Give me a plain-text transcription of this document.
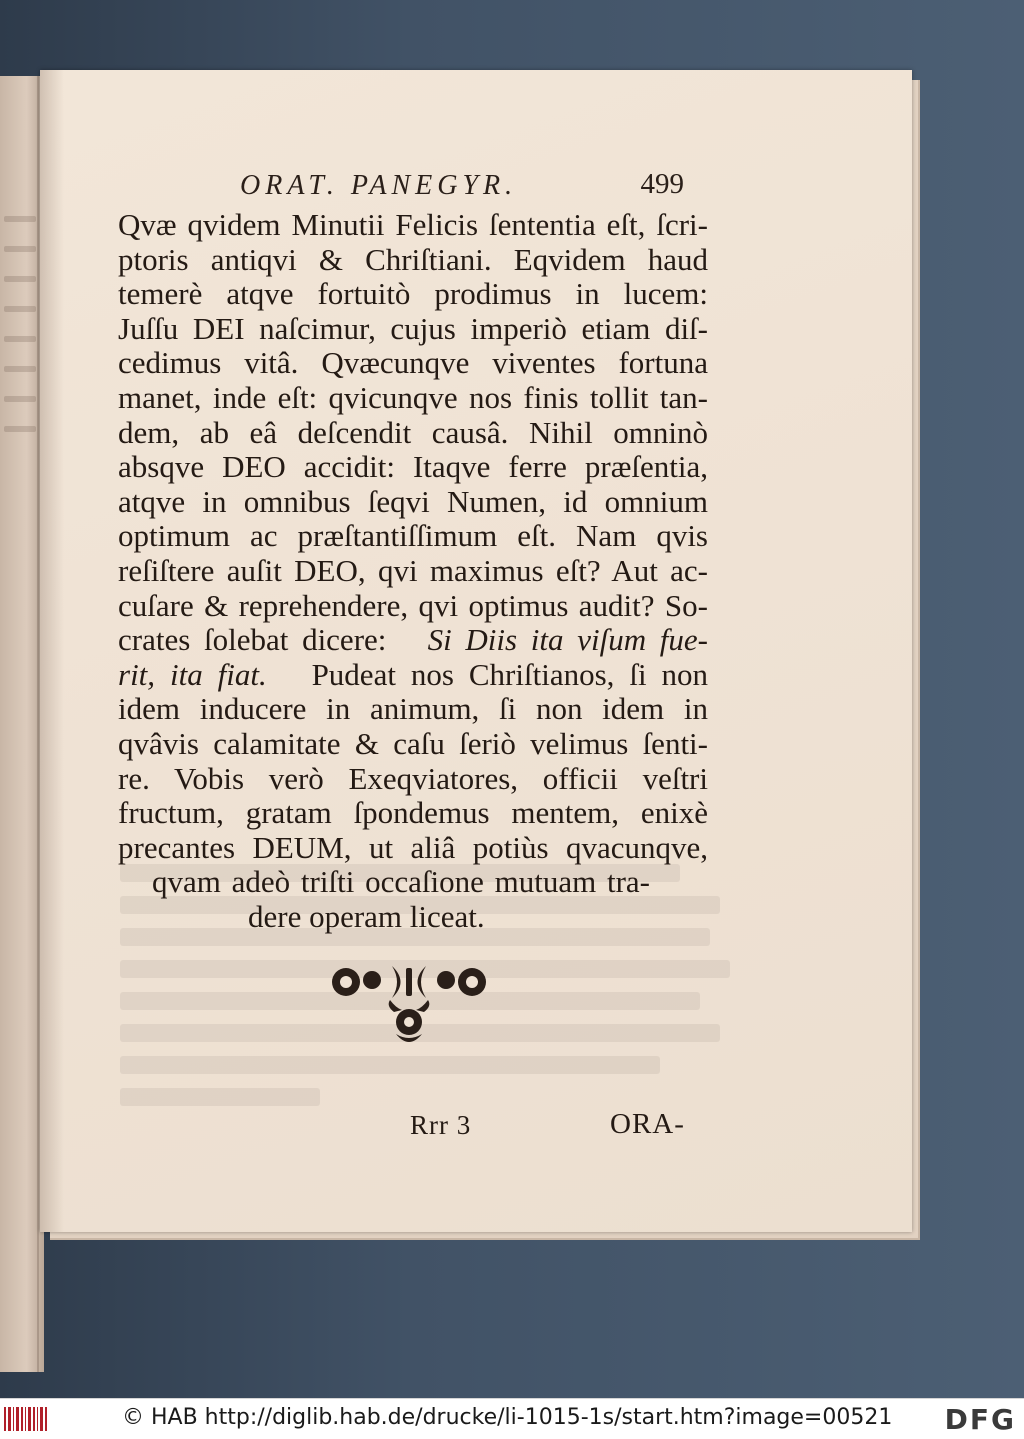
ORAT. PANEGYR.	499
Qvæ qvidem Minutii Felicis ſententia eſt, ſcri-
ptoris antiqvi & Chriſtiani. Eqvidem haud
temerè atqve fortuitò prodimus in lucem:
Juſſu DEI naſcimur, cujus imperiò etiam diſ-
cedimus vitâ. Qvæcunqve viventes fortuna
manet, inde eſt: qvicunqve nos finis tollit tan-
dem, ab eâ deſcendit causâ. Nihil omninò
absqve DEO accidit: Itaqve ferre præſentia,
atqve in omnibus ſeqvi Numen, id omnium
optimum ac præſtantiſſimum eſt. Nam qvis
reſiſtere auſit DEO, qvi maximus eſt? Aut ac-
cuſare & reprehendere, qvi optimus audit? So-
crates ſolebat dicere: Si Diis ita viſum fue-
rit, ita fiat. Pudeat nos Chriſtianos, ſi non
idem inducere in animum, ſi non idem in
qvâvis calamitate & caſu ſeriò velimus ſenti-
re. Vobis verò Exeqviatores, officii veſtri
fructum, gratam ſpondemus mentem, enixè
precantes DEUM, ut aliâ potiùs qvacunqve,
qvam adeò triſti occaſione mutuam tra-
dere operam liceat.
Rrr 3	ORA-
© HAB http://diglib.hab.de/drucke/li-1015-1s/start.htm?image=00521 DFG
